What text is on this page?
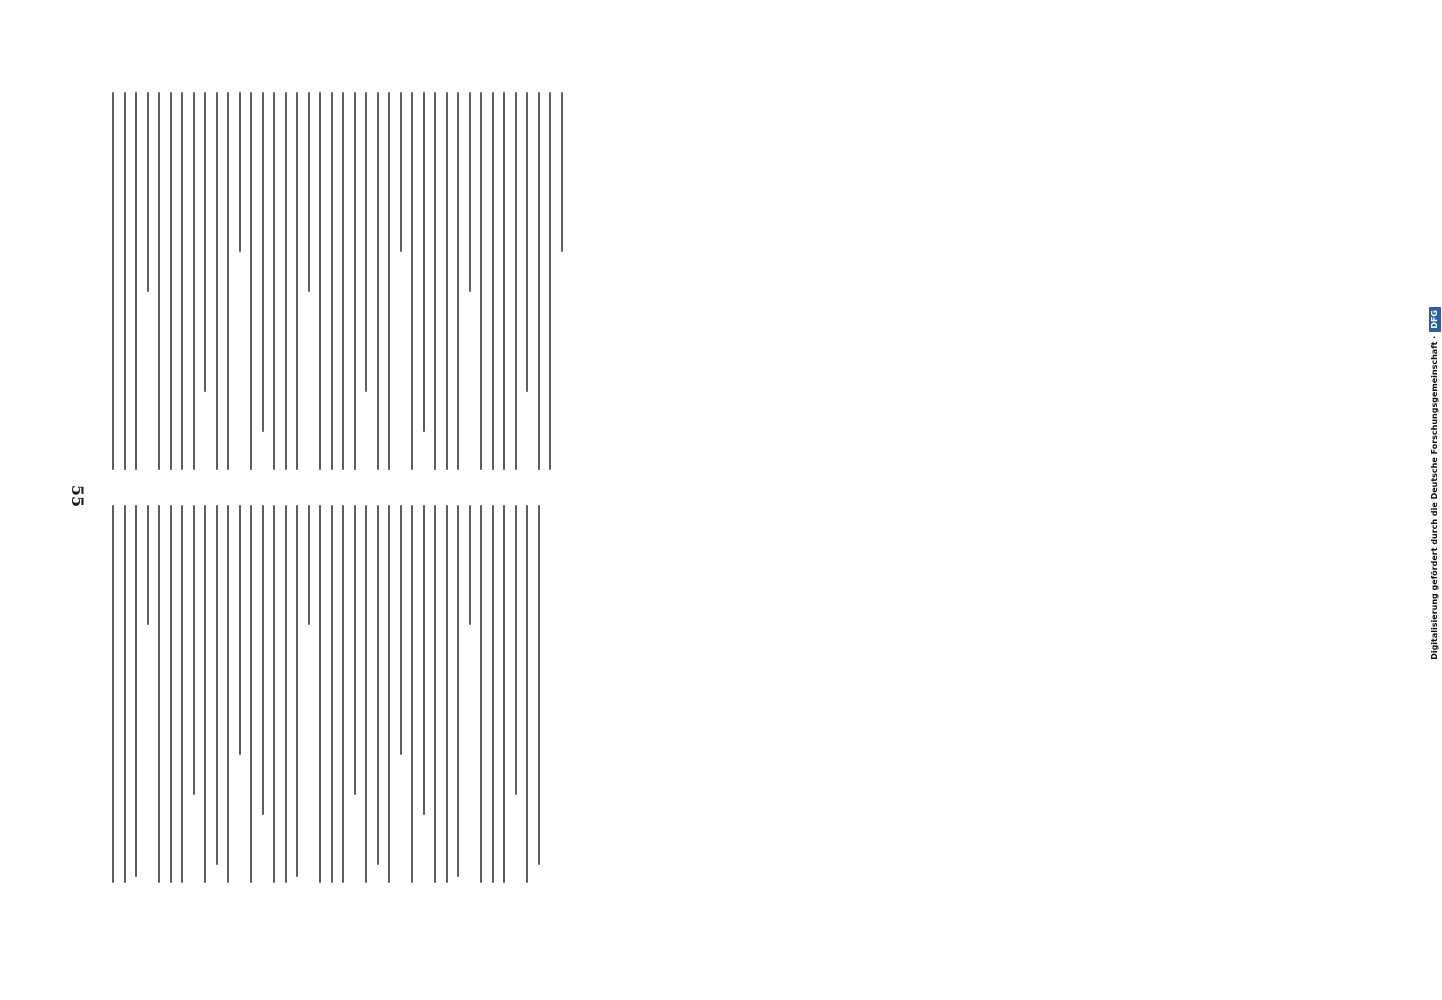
55	Digitalisierung gefördert durch die Deutsche Forschungsgemeinschaft ·
DFG
